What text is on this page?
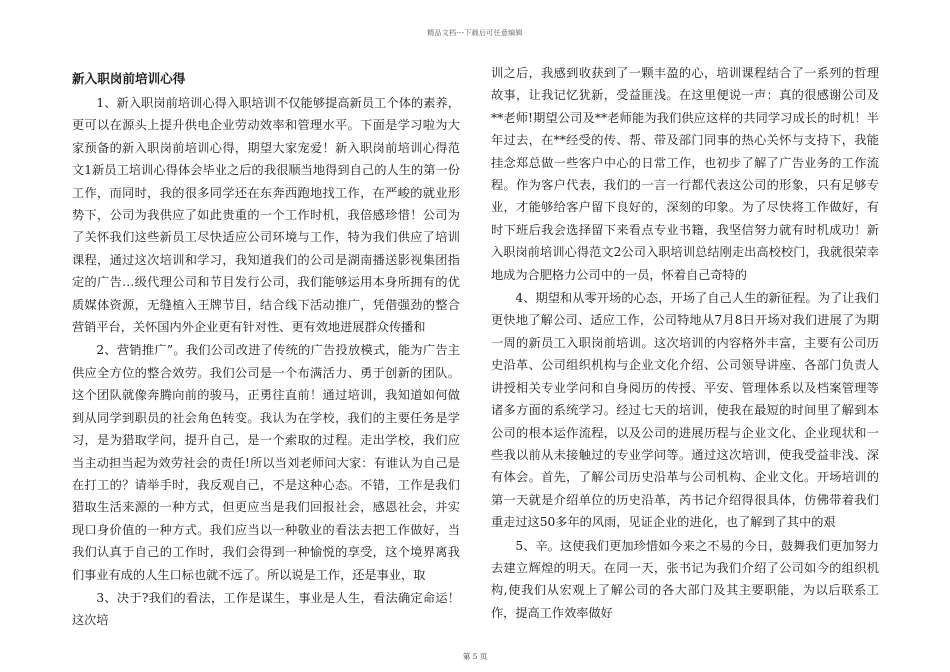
精品文档---下载后可任意编辑
新入职岗前培训心得

1、新入职岗前培训心得入职培训不仅能够提高新员工个体的素养，更可以在源头上提升供电企业劳动效率和管理水平。下面是学习啦为大家预备的新入职岗前培训心得，期望大家宠爱！新入职岗前培训心得范文1新员工培训心得体会毕业之后的我很顺当地得到自己的人生的第一份工作，而同时，我的很多同学还在东奔西跑地找工作，在严峻的就业形势下，公司为我供应了如此贵重的一个工作时机，我倍感珍惜！公司为了关怀我们这些新员工尽快适应公司环境与工作，特为我们供应了培训课程，通过这次培训和学习，我知道我们的公司是湖南播送影视集团指定的广告…级代理公司和节目发行公司，我们能够运用本身所拥有的优质媒体资源，无缝植入王牌节目，结合线下活动推广，凭借强劲的整合营销平台，关怀国内外企业更有针对性、更有效地进展群众传播和

2、营销推广”。我们公司改进了传统的广告投放模式，能为广告主供应全方位的整合效劳。我们公司是一个布满活力、勇于创新的团队。这个团队就像奔腾向前的骏马，正勇往直前！通过培训，我知道如何做到从同学到职员的社会角色转变。我认为在学校，我们的主要任务是学习，是为猎取学问，提升自己，是一个索取的过程。走出学校，我们应当主动担当起为效劳社会的责任!所以当刘老师问大家：有谁认为自己是在打工的？请举手时，我反观自己，不是这种心态。不错，工作是我们猎取生活来源的一种方式，但更应当是我们回报社会，感恩社会，并实现口身价值的一种方式。我们应当以一种敬业的看法去把工作做好，当我们认真于自己的工作时，我们会得到一种愉悦的享受，这个境界离我们事业有成的人生口标也就不远了。所以说是工作，还是事业，取

3、决于?我们的看法，工作是谋生，事业是人生，看法确定命运！这次培

训之后，我感到收获到了一颗丰盈的心，培训课程结合了一系列的哲理故事，让我记忆犹新，受益匪浅。在这里便说一声：真的很感谢公司及**老师!期望公司及**老师能为我们供应这样的共同学习成长的时机！半年过去，在**经受的传、帮、带及部门同事的热心关怀与支持下，我能挂念郑总做一些客户中心的日常工作，也初步了解了广告业务的工作流程。作为客户代表，我们的一言一行都代表这公司的形象，只有足够专业，才能够给客户留下良好的，深刻的印象。为了尽快将工作做好，有时下班后我会选择留下来看点专业书籍，我坚信努力就有时机成功！新入职岗前培训心得范文2公司入职培训总结刚走出高校校门，我就很荣幸地成为合肥格力公司中的一员，怀着自己奇特的

4、期望和从零开场的心态，开场了自己人生的新征程。为了让我们更快地了解公司、适应工作，公司特地从7月8日开场对我们进展了为期一周的新员工入职岗前培训。这次培训的内容格外丰富，主要有公司历史沿革、公司组织机构与企业文化介绍、公司领导讲座、各部门负责人讲授相关专业学问和自身阅历的传授、平安、管理体系以及档案管理等诸多方面的系统学习。经过七天的培训，使我在最短的时间里了解到本公司的根本运作流程，以及公司的进展历程与企业文化、企业现状和一些我以前从未接触过的专业学问等。通过这次培训，使我受益非浅、深有体会。首先，了解公司历史沿革与公司机构、企业文化。开场培训的第一天就是介绍单位的历史沿革，芮书记介绍得很具体，仿佛带着我们重走过这50多年的风雨，见证企业的进化，也了解到了其中的艰

5、辛。这使我们更加珍惜如今来之不易的今日，鼓舞我们更加努力去建立辉煌的明天。在同一天，张书记为我们介绍了公司如今的组织机构,使我们从宏观上了解公司的各大部门及其主要职能，为以后联系工作，提高工作效率做好

第 5 页
